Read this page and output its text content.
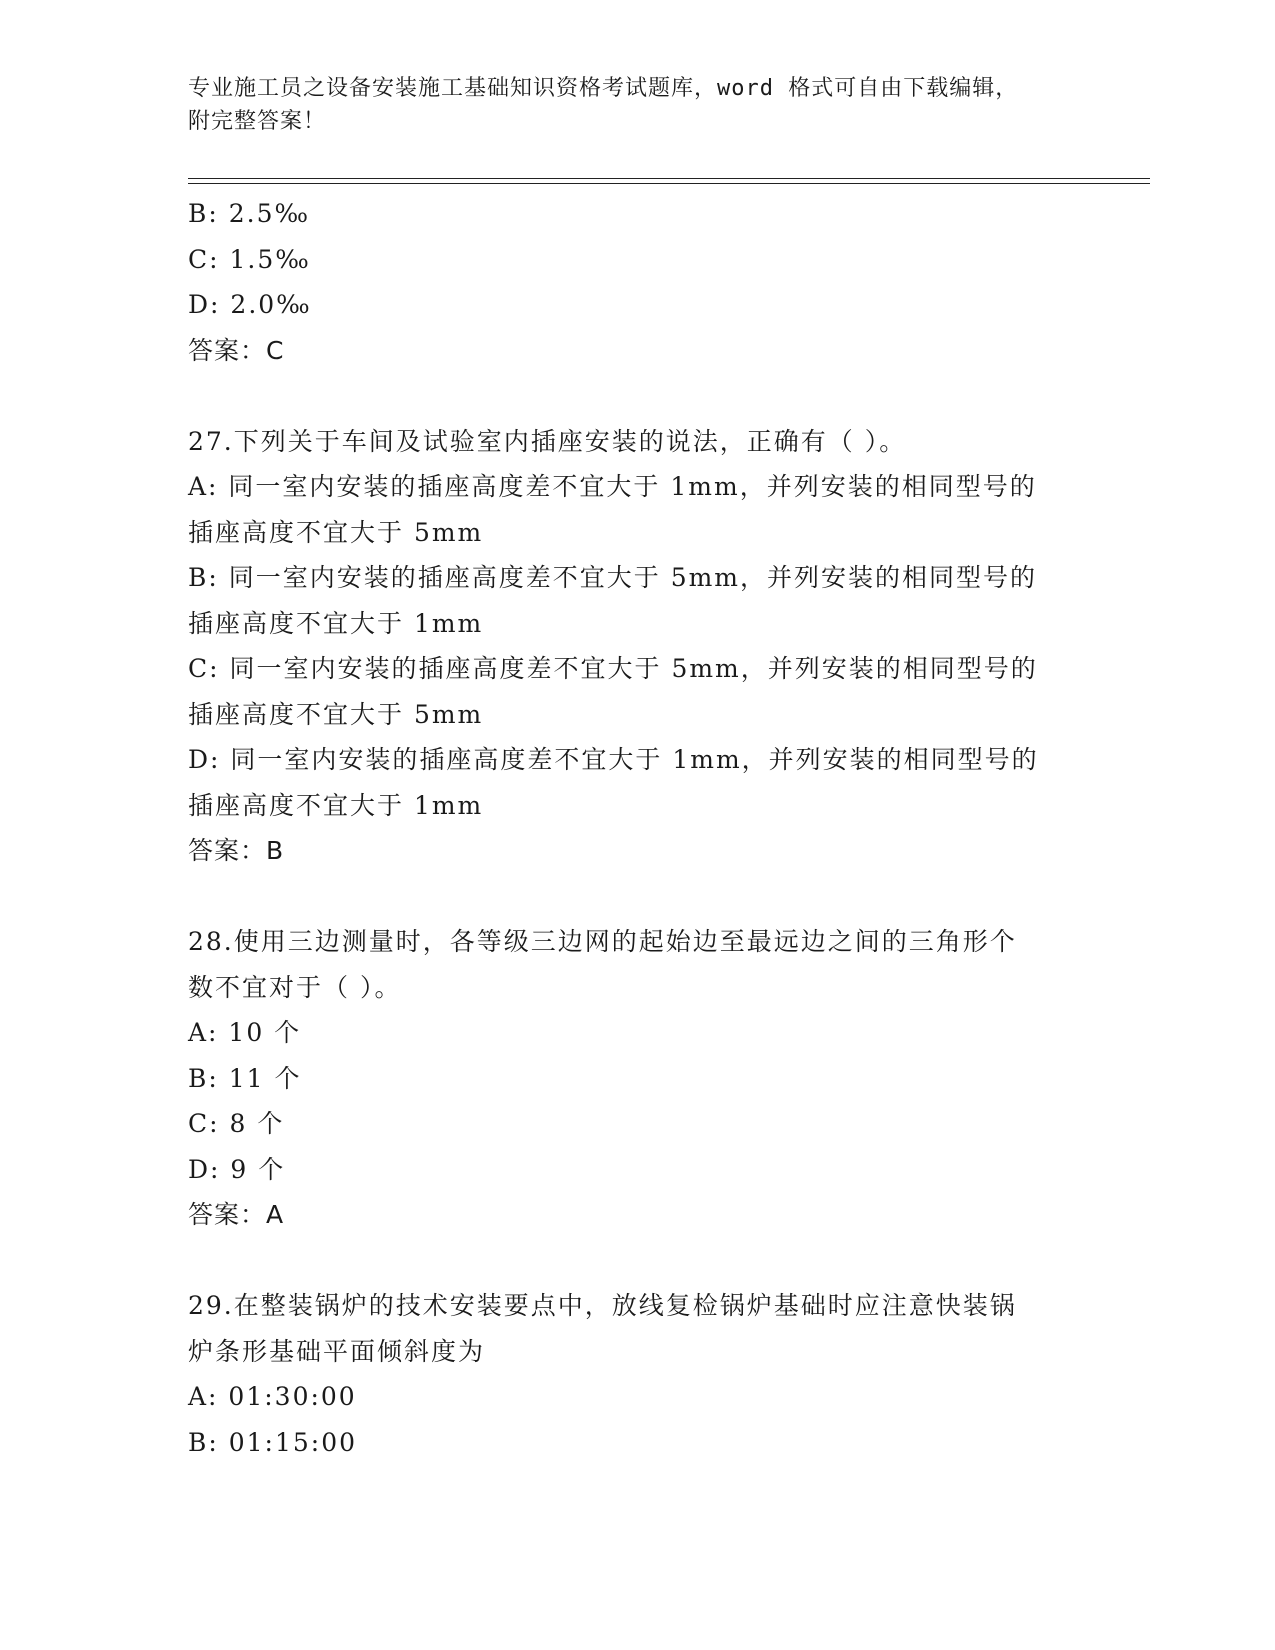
专业施工员之设备安装施工基础知识资格考试题库，word 格式可自由下载编辑，
附完整答案！
B: 2.5‰
C: 1.5‰
D: 2.0‰
答案：C
27.下列关于车间及试验室内插座安装的说法，正确有（ ）。
A: 同一室内安装的插座高度差不宜大于 1mm，并列安装的相同型号的
插座高度不宜大于 5mm
B: 同一室内安装的插座高度差不宜大于 5mm，并列安装的相同型号的
插座高度不宜大于 1mm
C: 同一室内安装的插座高度差不宜大于 5mm，并列安装的相同型号的
插座高度不宜大于 5mm
D: 同一室内安装的插座高度差不宜大于 1mm，并列安装的相同型号的
插座高度不宜大于 1mm
答案：B
28.使用三边测量时，各等级三边网的起始边至最远边之间的三角形个
数不宜对于（ ）。
A: 10 个
B: 11 个
C: 8 个
D: 9 个
答案：A
29.在整装锅炉的技术安装要点中，放线复检锅炉基础时应注意快装锅
炉条形基础平面倾斜度为
A: 01:30:00
B: 01:15:00
